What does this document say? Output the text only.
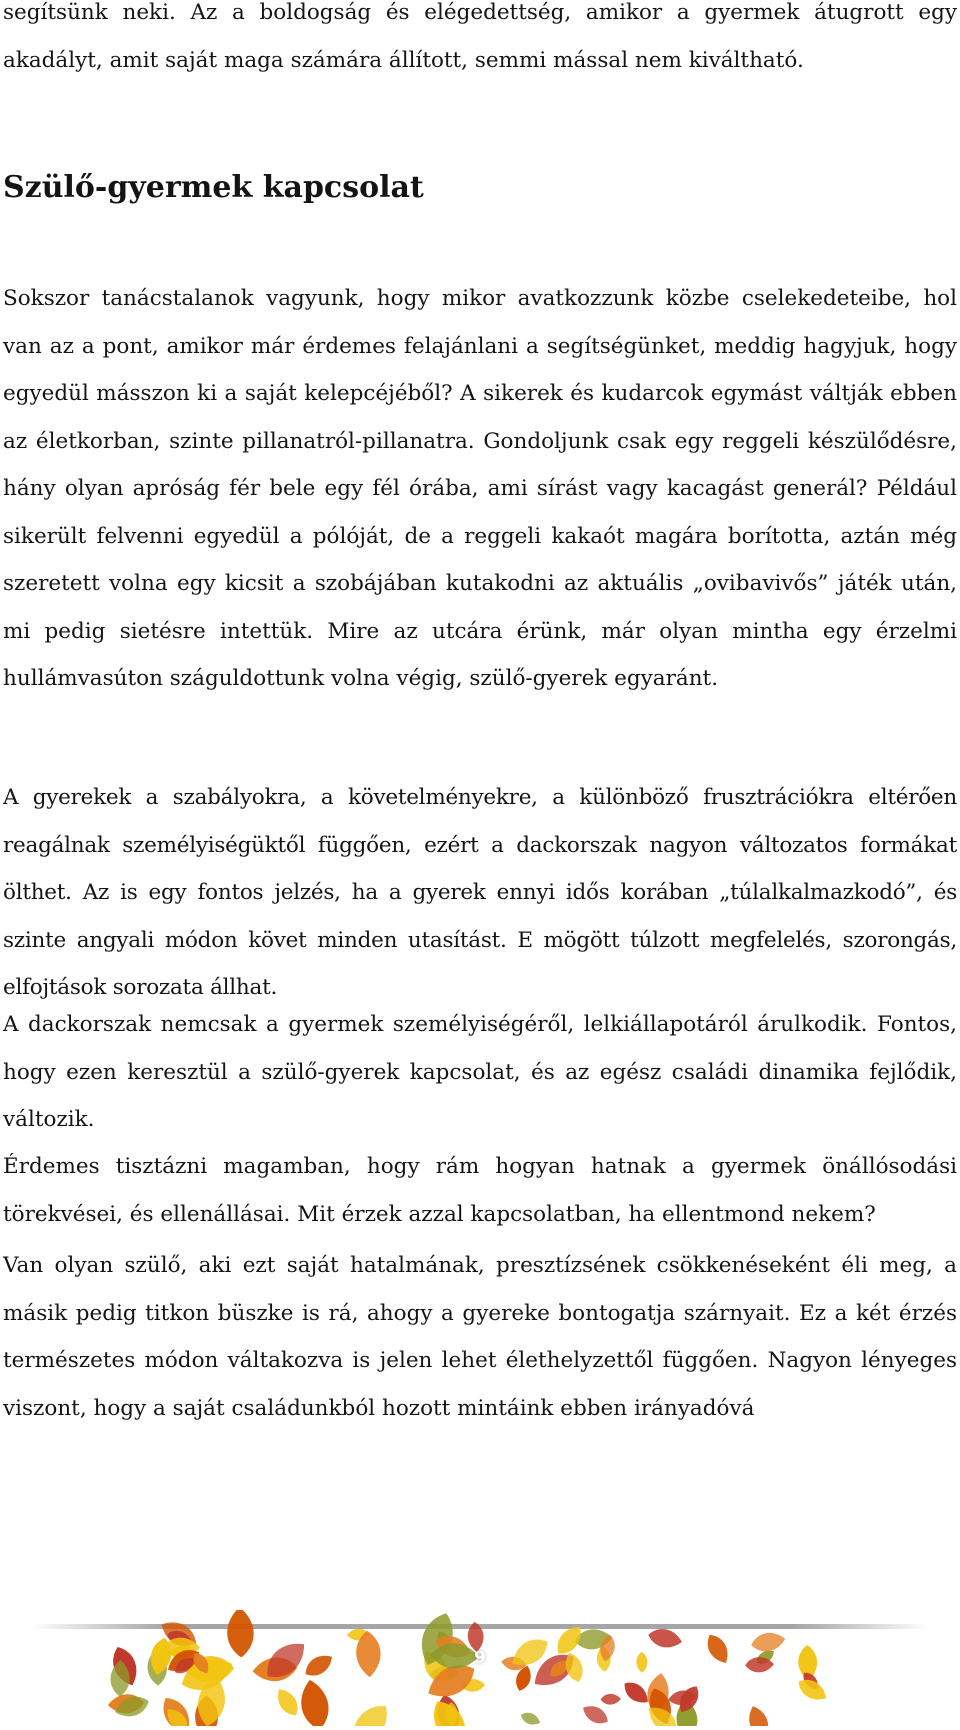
segítsünk neki. Az a boldogság és elégedettség, amikor a gyermek átugrott egy akadályt, amit saját maga számára állított, semmi mással nem kiváltható.

Szülő-gyermek kapcsolat

Sokszor tanácstalanok vagyunk, hogy mikor avatkozzunk közbe cselekedeteibe, hol van az a pont, amikor már érdemes felajánlani a segítségünket, meddig hagyjuk, hogy egyedül másszon ki a saját kelepcéjéből? A sikerek és kudarcok egymást váltják ebben az életkorban, szinte pillanatról-pillanatra. Gondoljunk csak egy reggeli készülődésre, hány olyan apróság fér bele egy fél órába, ami sírást vagy kacagást generál? Például sikerült felvenni egyedül a pólóját, de a reggeli kakaót magára borította, aztán még szeretett volna egy kicsit a szobájában kutakodni az aktuális „ovibavivős” játék után, mi pedig sietésre intettük. Mire az utcára érünk, már olyan mintha egy érzelmi hullámvasúton száguldottunk volna végig, szülő-gyerek egyaránt.

A gyerekek a szabályokra, a követelményekre, a különböző frusztrációkra eltérően reagálnak személyiségüktől függően, ezért a dackorszak nagyon változatos formákat ölthet. Az is egy fontos jelzés, ha a gyerek ennyi idős korában „túlalkalmazkodó”, és szinte angyali módon követ minden utasítást. E mögött túlzott megfelelés, szorongás, elfojtások sorozata állhat.

A dackorszak nemcsak a gyermek személyiségéről, lelkiállapotáról árulkodik. Fontos, hogy ezen keresztül a szülő-gyerek kapcsolat, és az egész családi dinamika fejlődik, változik.

Érdemes tisztázni magamban, hogy rám hogyan hatnak a gyermek önállósodási törekvései, és ellenállásai. Mit érzek azzal kapcsolatban, ha ellentmond nekem?

Van olyan szülő, aki ezt saját hatalmának, presztízsének csökkenéseként éli meg, a másik pedig titkon büszke is rá, ahogy a gyereke bontogatja szárnyait. Ez a két érzés természetes módon váltakozva is jelen lehet élethelyzettől függően. Nagyon lényeges viszont, hogy a saját családunkból hozott mintáink ebben irányadóvá

9
